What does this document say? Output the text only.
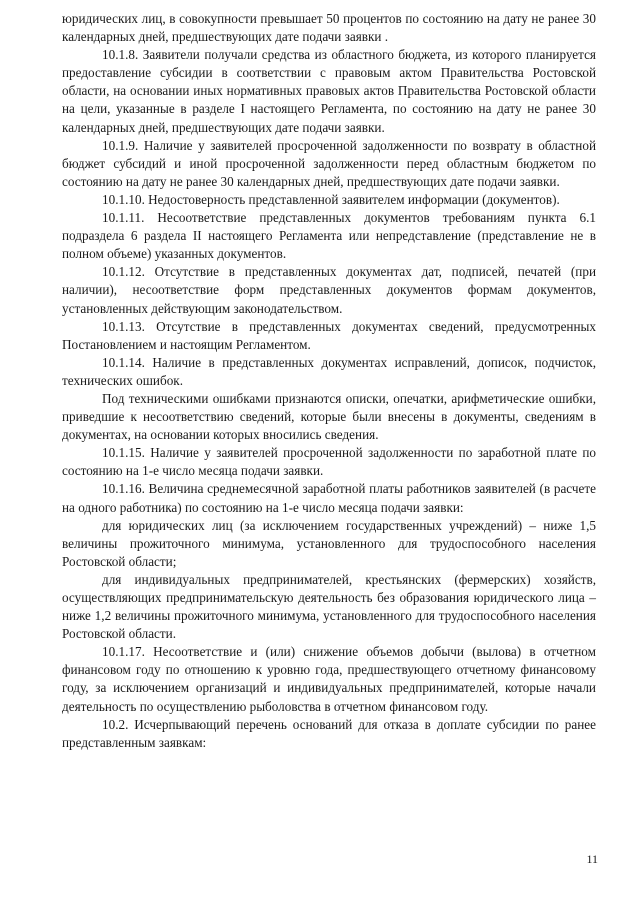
юридических лиц, в совокупности превышает 50 процентов по состоянию на дату не ранее 30 календарных дней, предшествующих дате подачи заявки .

10.1.8. Заявители получали средства из областного бюджета, из которого планируется предоставление субсидии в соответствии с правовым актом Правительства Ростовской области, на основании иных нормативных правовых актов Правительства Ростовской области на цели, указанные в разделе I настоящего Регламента, по состоянию на дату не ранее 30 календарных дней, предшествующих дате подачи заявки.

10.1.9. Наличие у заявителей просроченной задолженности по возврату в областной бюджет субсидий и иной просроченной задолженности перед областным бюджетом по состоянию на дату не ранее 30 календарных дней, предшествующих дате подачи заявки.

10.1.10. Недостоверность представленной заявителем информации (документов).

10.1.11. Несоответствие представленных документов требованиям пункта 6.1 подраздела 6 раздела II настоящего Регламента или непредставление (представление не в полном объеме) указанных документов.

10.1.12. Отсутствие в представленных документах дат, подписей, печатей (при наличии), несоответствие форм представленных документов формам документов, установленных действующим законодательством.

10.1.13. Отсутствие в представленных документах сведений, предусмотренных Постановлением и настоящим Регламентом.

10.1.14. Наличие в представленных документах исправлений, дописок, подчисток, технических ошибок.

Под техническими ошибками признаются описки, опечатки, арифметические ошибки, приведшие к несоответствию сведений, которые были внесены в документы, сведениям в документах, на основании которых вносились сведения.

10.1.15. Наличие у заявителей просроченной задолженности по заработной плате по состоянию на 1-е число месяца подачи заявки.

10.1.16. Величина среднемесячной заработной платы работников заявителей (в расчете на одного работника) по состоянию на 1-е число месяца подачи заявки:

для юридических лиц (за исключением государственных учреждений) – ниже 1,5 величины прожиточного минимума, установленного для трудоспособного населения Ростовской области;

для индивидуальных предпринимателей, крестьянских (фермерских) хозяйств, осуществляющих предпринимательскую деятельность без образования юридического лица – ниже 1,2 величины прожиточного минимума, установленного для трудоспособного населения Ростовской области.

10.1.17. Несоответствие и (или) снижение объемов добычи (вылова) в отчетном финансовом году по отношению к уровню года, предшествующего отчетному финансовому году, за исключением организаций и индивидуальных предпринимателей, которые начали деятельность по осуществлению рыболовства в отчетном финансовом году.

10.2. Исчерпывающий перечень оснований для отказа в доплате субсидии по ранее представленным заявкам:

11
